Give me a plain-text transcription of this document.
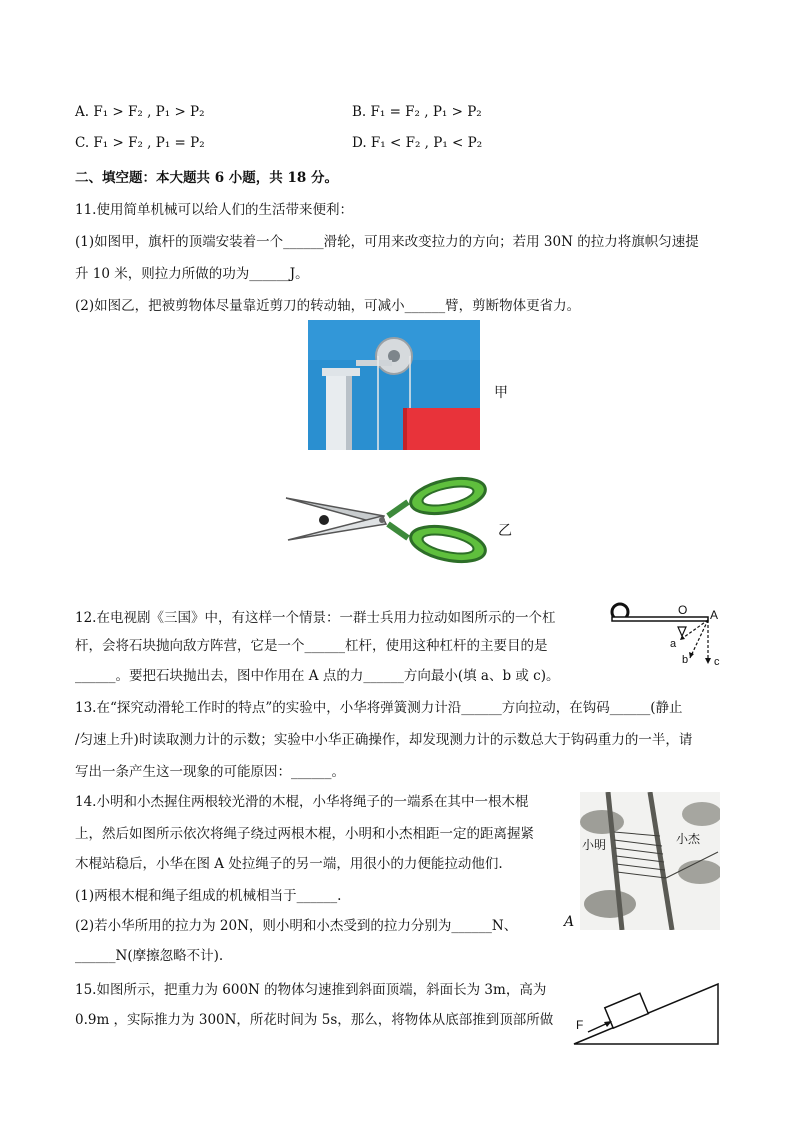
A. F₁ > F₂ , P₁ > P₂	B. F₁ = F₂ , P₁ > P₂
C. F₁ > F₂ , P₁ = P₂	D. F₁ < F₂ , P₁ < P₂
二、填空题：本大题共 6 小题，共 18 分。
11.使用简单机械可以给人们的生活带来便利：
(1)如图甲，旗杆的顶端安装着一个______滑轮，可用来改变拉力的方向；若用 30N 的拉力将旗帜匀速提
升 10 米，则拉力所做的功为______J。
(2)如图乙，把被剪物体尽量靠近剪刀的转动轴，可减小______臂，剪断物体更省力。
甲
乙
12.在电视剧《三国》中，有这样一个情景：一群士兵用力拉动如图所示的一个杠
杆，会将石块抛向敌方阵营，它是一个______杠杆，使用这种杠杆的主要目的是
______。要把石块抛出去，图中作用在 A 点的力______方向最小(填 a、b 或 c)。
O A
a
b c
13.在“探究动滑轮工作时的特点”的实验中，小华将弹簧测力计沿______方向拉动，在钩码______(静止
/匀速上升)时读取测力计的示数；实验中小华正确操作，却发现测力计的示数总大于钩码重力的一半，请
写出一条产生这一现象的可能原因：______。
14.小明和小杰握住两根较光滑的木棍，小华将绳子的一端系在其中一根木棍
上，然后如图所示依次将绳子绕过两根木棍，小明和小杰相距一定的距离握紧
木棍站稳后，小华在图 A 处拉绳子的另一端，用很小的力便能拉动他们.
(1)两根木棍和绳子组成的机械相当于______.
(2)若小华所用的拉力为 20N，则小明和小杰受到的拉力分别为______N、
______N(摩擦忽略不计).
小明	小杰
A
15.如图所示，把重力为 600N 的物体匀速推到斜面顶端，斜面长为 3m，高为
0.9m ，实际推力为 300N，所花时间为 5s，那么，将物体从底部推到顶部所做 F
